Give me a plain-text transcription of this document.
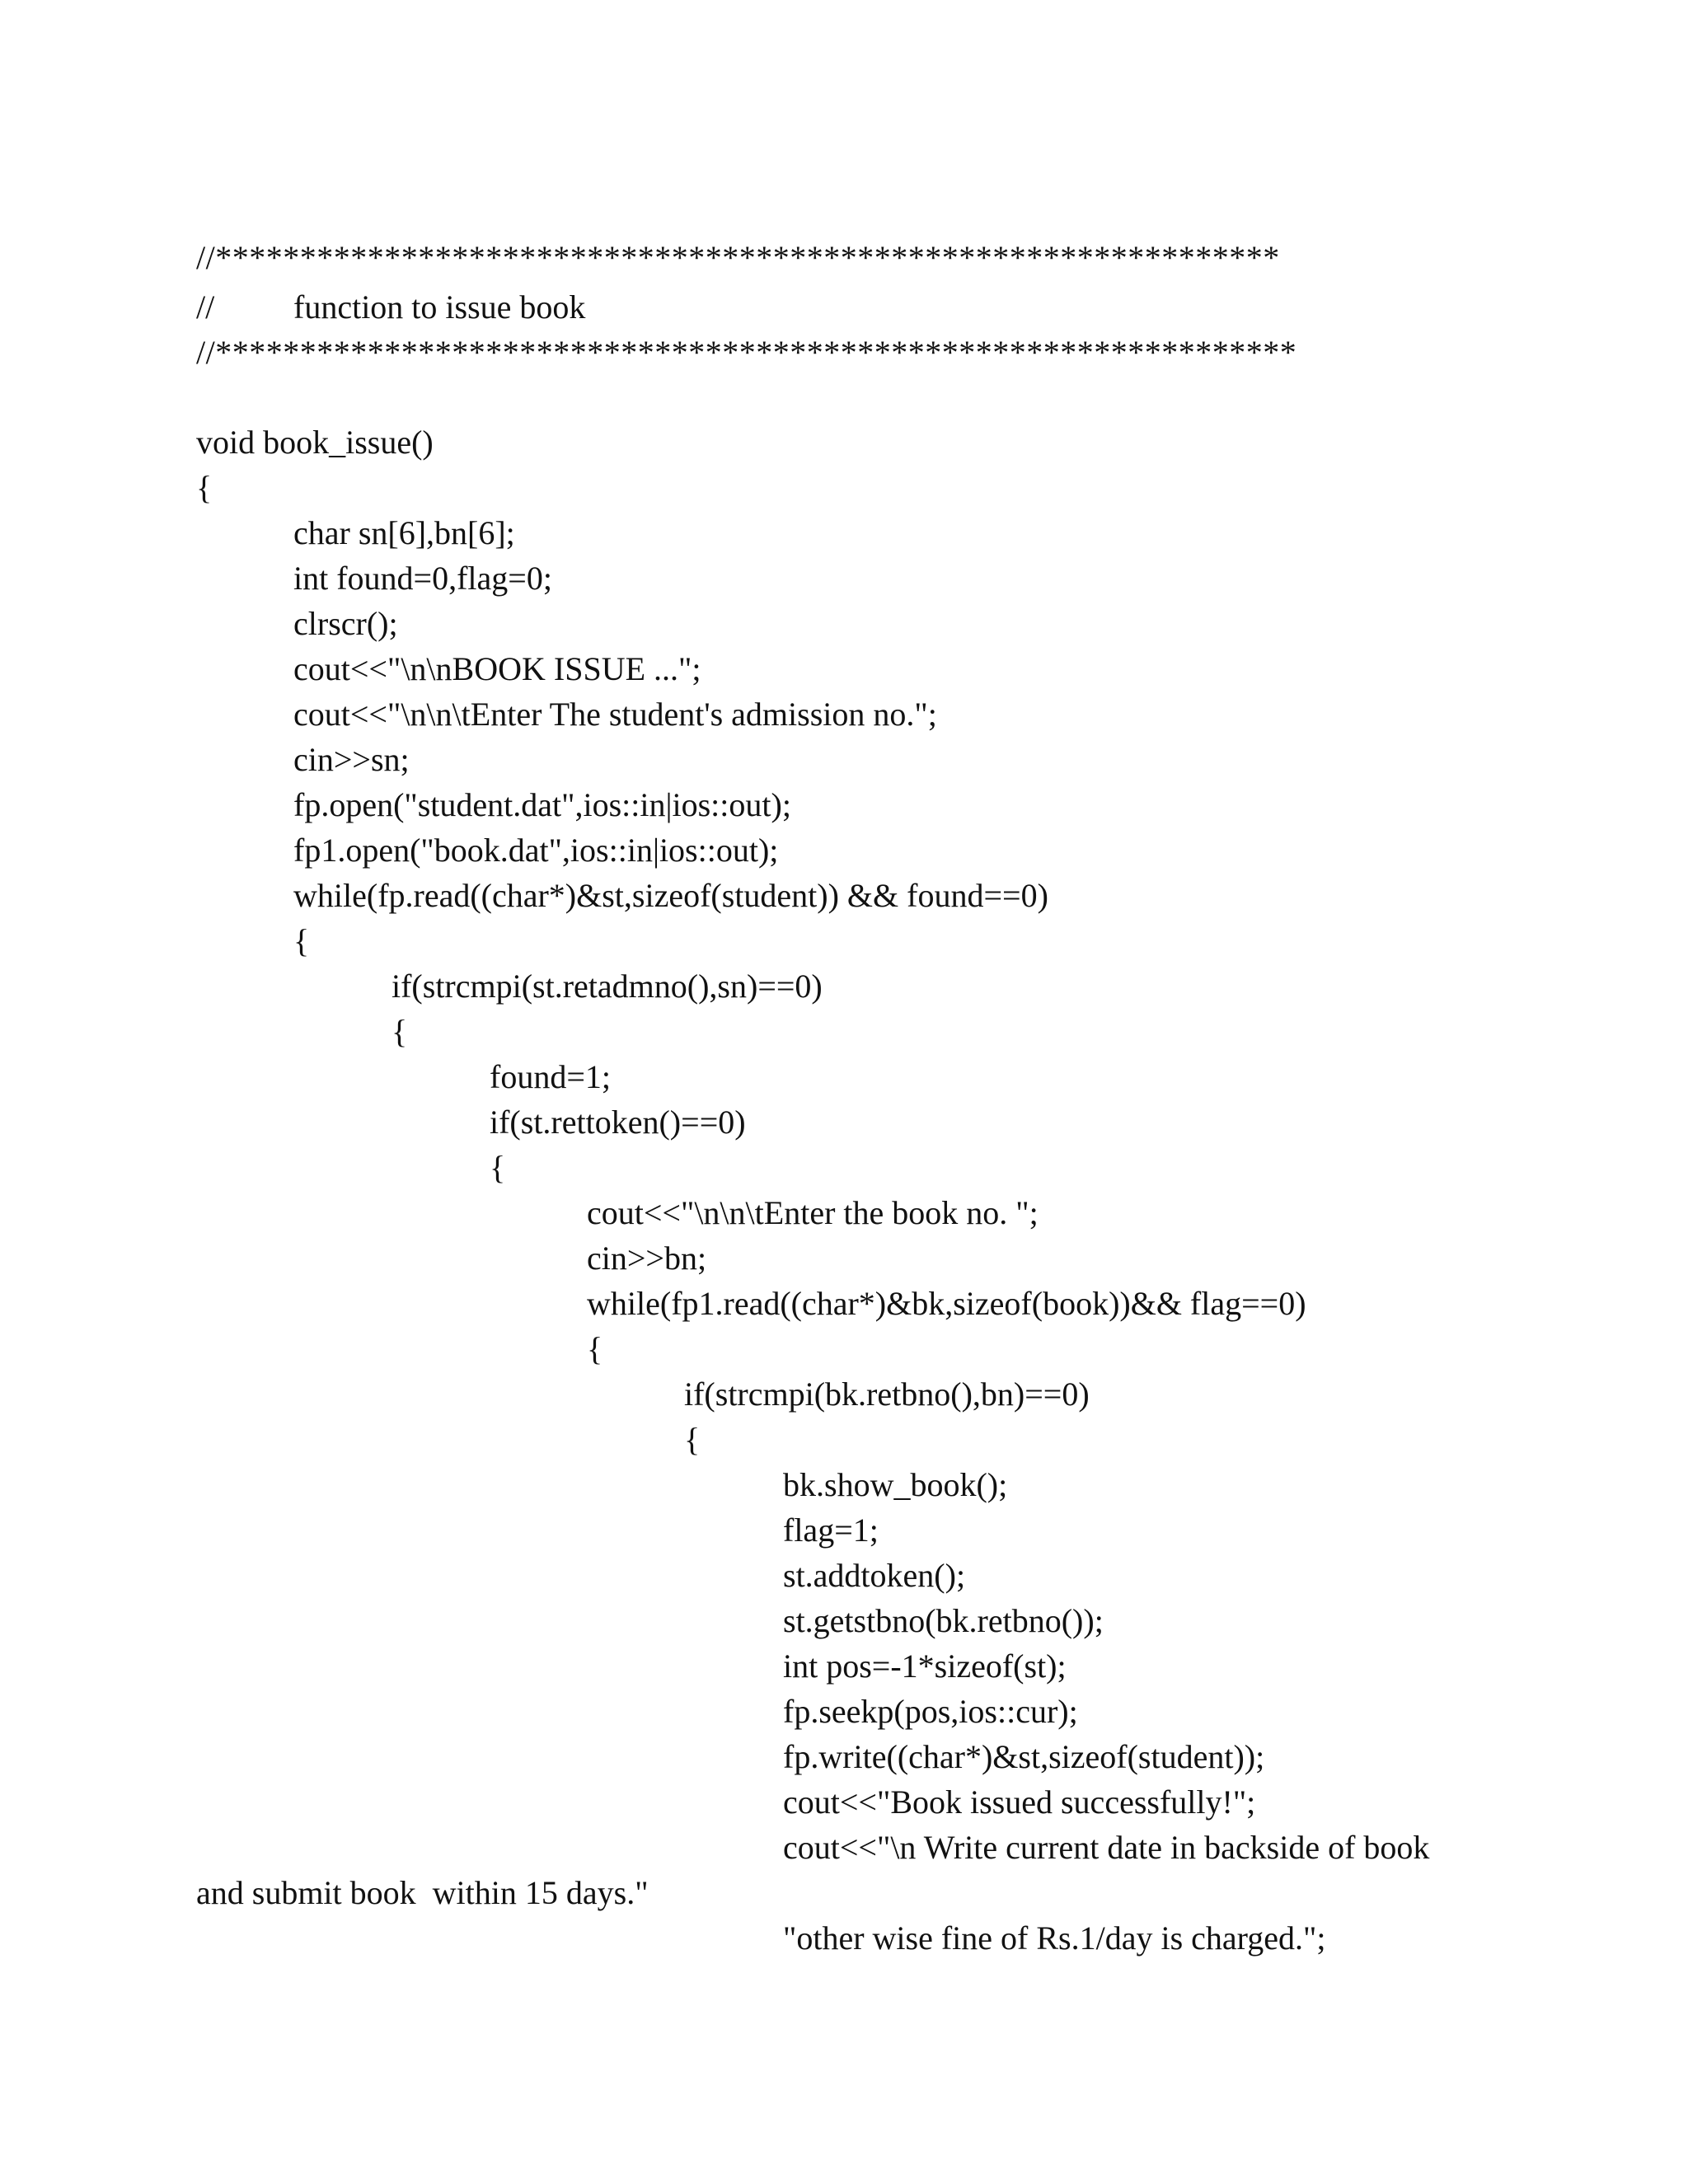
//***************************************************************
// function to issue book
//****************************************************************
void book_issue()
{
char sn[6],bn[6];
int found=0,flag=0;
clrscr();
cout<<"\n\nBOOK ISSUE ...";
cout<<"\n\n\tEnter The student's admission no.";
cin>>sn;
fp.open("student.dat",ios::in|ios::out);
fp1.open("book.dat",ios::in|ios::out);
while(fp.read((char*)&st,sizeof(student)) && found==0)
{
if(strcmpi(st.retadmno(),sn)==0)
{
found=1;
if(st.rettoken()==0)
{
cout<<"\n\n\tEnter the book no. ";
cin>>bn;
while(fp1.read((char*)&bk,sizeof(book))&& flag==0)
{
if(strcmpi(bk.retbno(),bn)==0)
{
bk.show_book();
flag=1;
st.addtoken();
st.getstbno(bk.retbno());
int pos=-1*sizeof(st);
fp.seekp(pos,ios::cur);
fp.write((char*)&st,sizeof(student));
cout<<"Book issued successfully!";
cout<<"\n Write current date in backside of book
and submit book  within 15 days."
"other wise fine of Rs.1/day is charged.";
